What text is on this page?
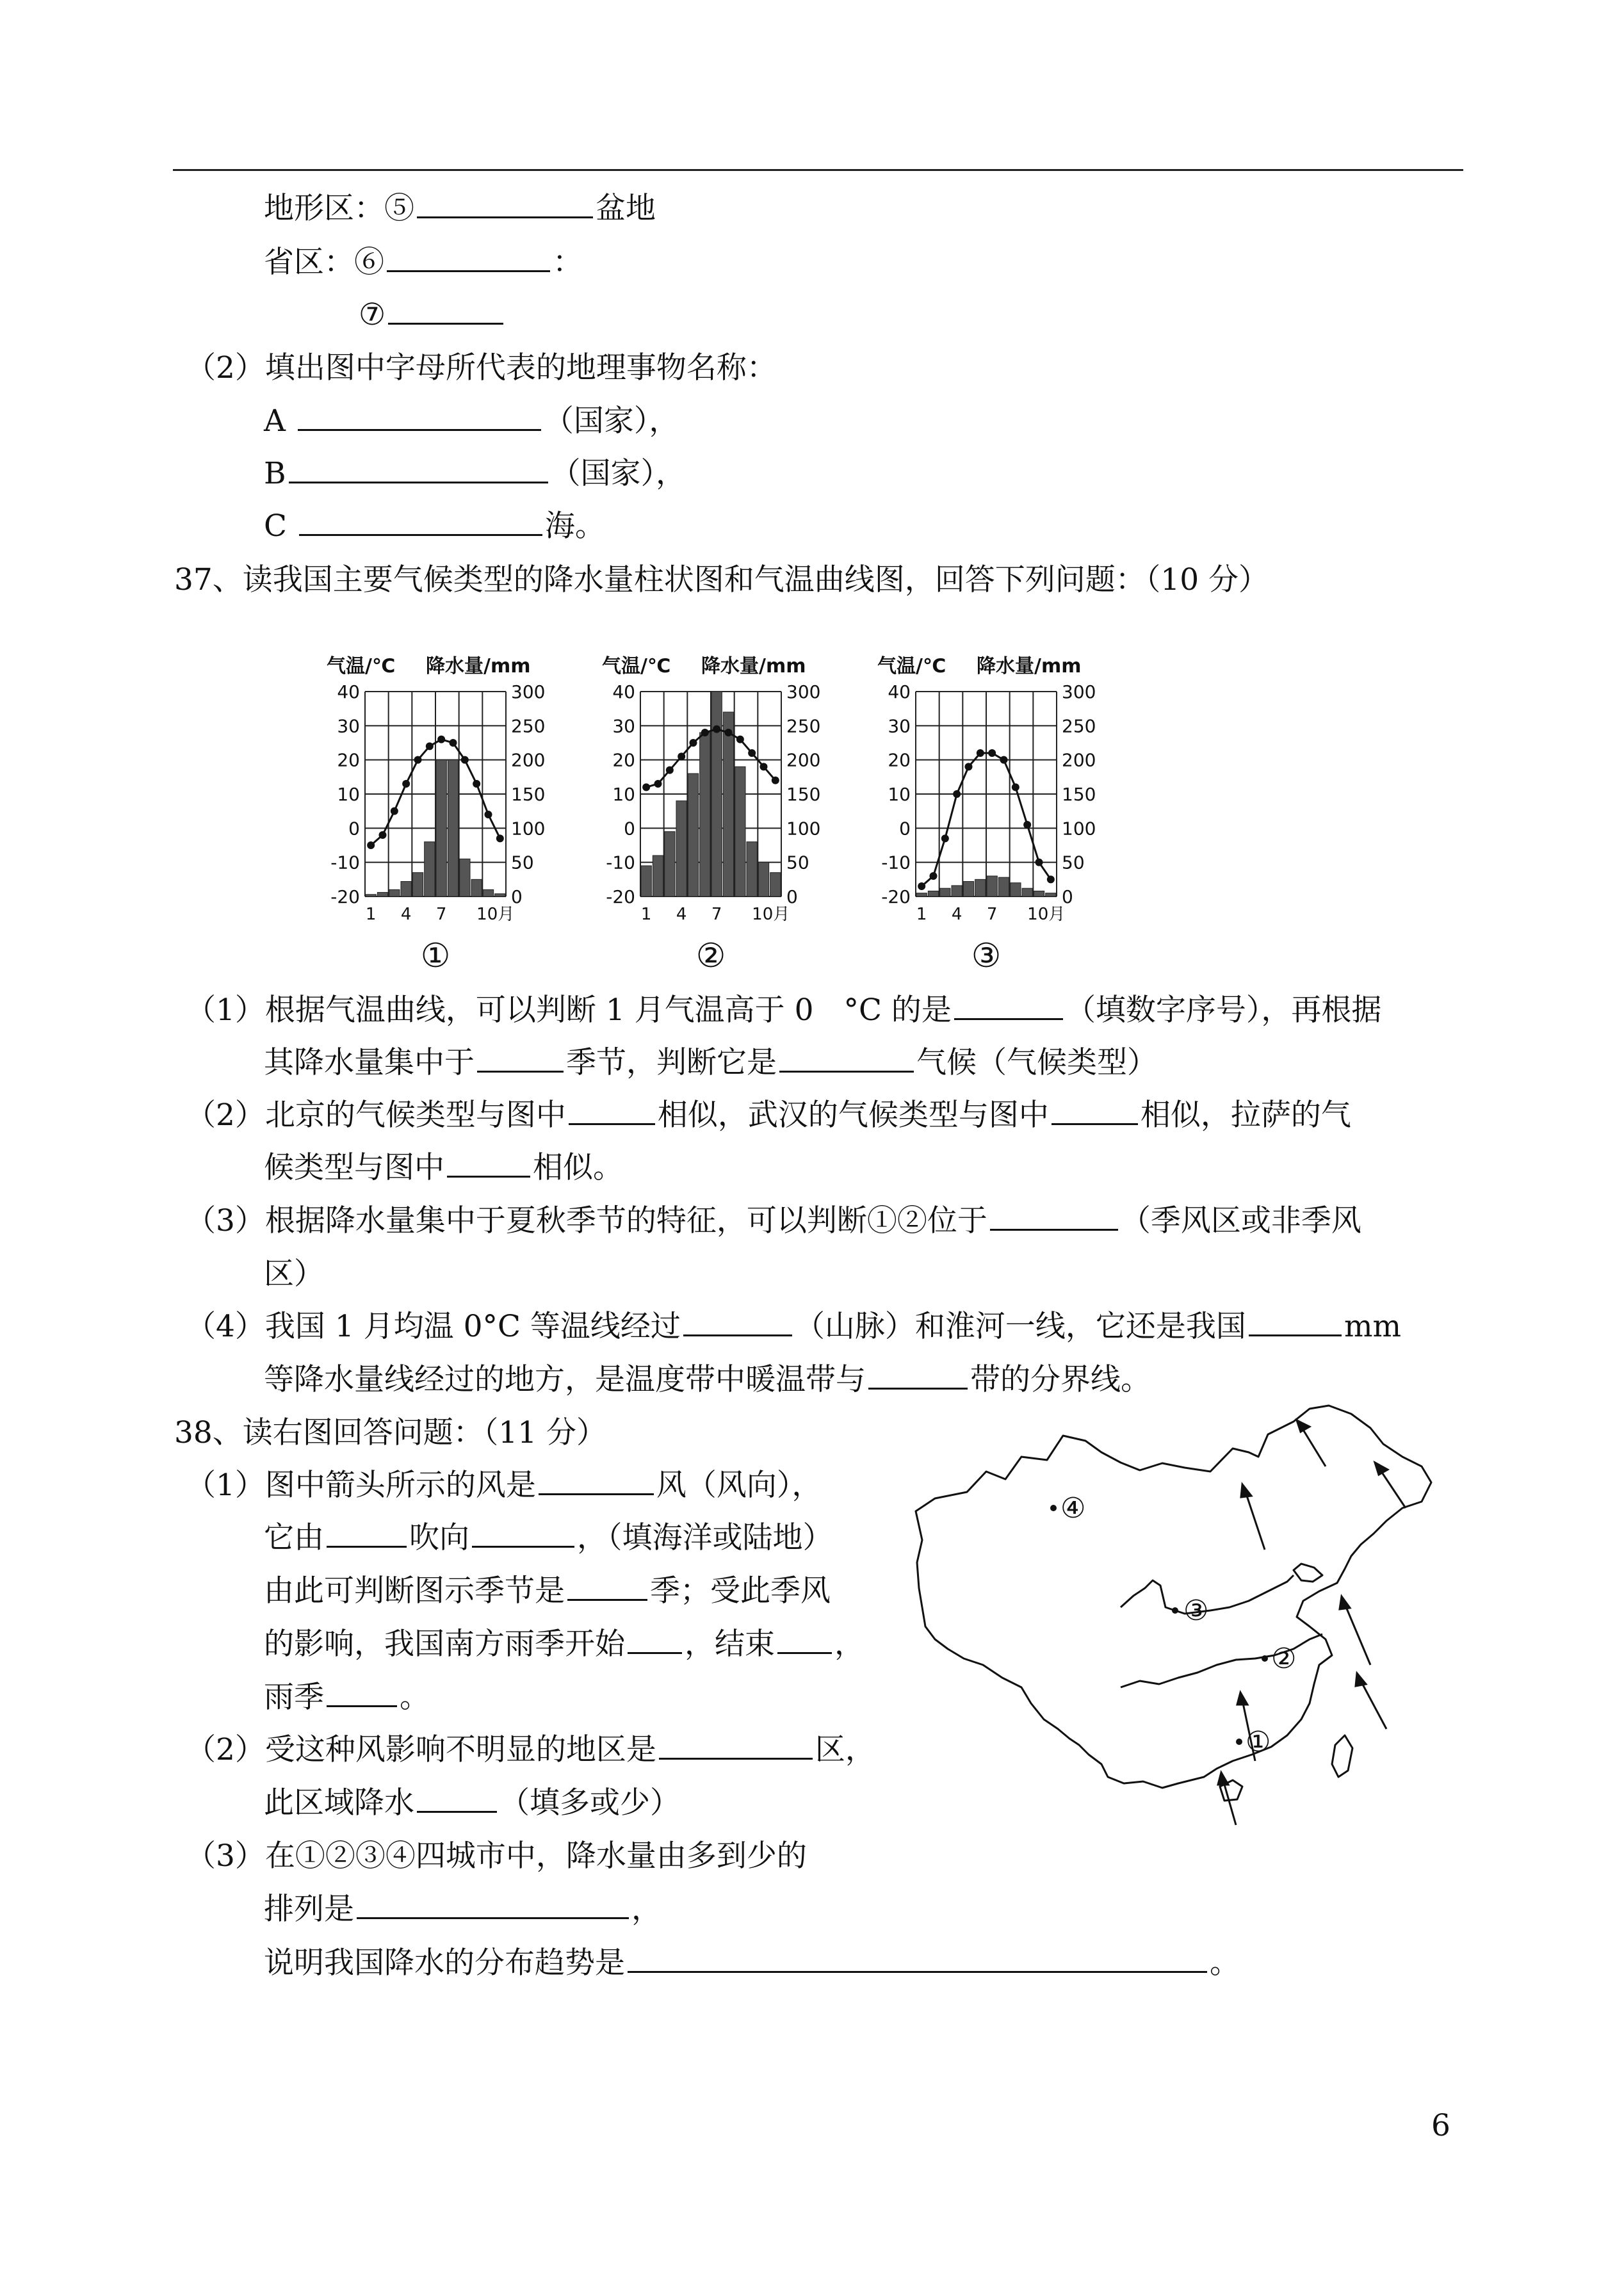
地形区：⑤	盆地
省区：⑥	：
⑦
（2）填出图中字母所代表的地理事物名称：
A	（国家），
B	（国家），
C	海。
37、读我国主要气候类型的降水量柱状图和气温曲线图，回答下列问题：（10 分）
气温/℃ 降水量/mm
-20
-10
0
10
20
30
40
0
50
100
150
200
250
300
1 4 7 10月
①
气温/℃ 降水量/mm
-20
-10
0
10
20
30
40
0
50
100
150
200
250
300
1 4 7 10月
②
气温/℃ 降水量/mm
-20
-10
0
10
20
30
40
0
50
100
150
200
250
300
1 4 7 10月
③
（1）根据气温曲线，可以判断 1 月气温高于 0　°C 的是	（填数字序号），再根据
其降水量集中于	季节，判断它是	气候（气候类型）
（2）北京的气候类型与图中	相似，武汉的气候类型与图中	相似，拉萨的气
候类型与图中	相似。
（3）根据降水量集中于夏秋季节的特征，可以判断①②位于	（季风区或非季风
区）
（4）我国 1 月均温 0°C 等温线经过	（山脉）和淮河一线，它还是我国	mm
等降水量线经过的地方，是温度带中暖温带与	带的分界线。
38、读右图回答问题：（11 分）
（1）图中箭头所示的风是	风（风向），
它由	吹向	，（填海洋或陆地）
由此可判断图示季节是	季；受此季风
的影响，我国南方雨季开始 ，结束 ，
雨季	。
（2）受这种风影响不明显的地区是	区，
此区域降水	（填多或少）
（3）在①②③④四城市中，降水量由多到少的
排列是	，
说明我国降水的分布趋势是	。
①
②
③
④
6
